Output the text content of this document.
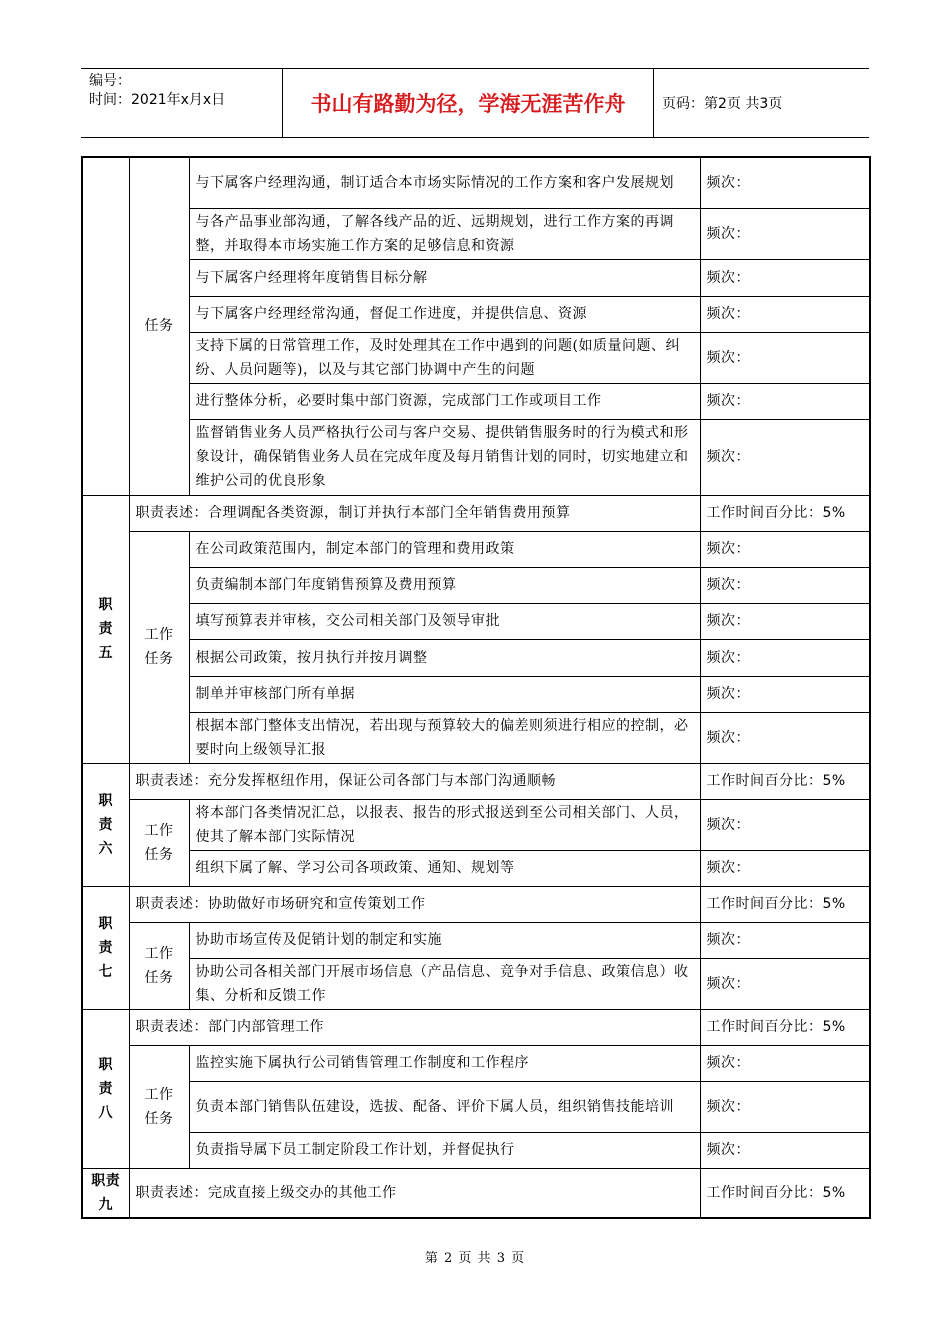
编号：
时间：2021年x月x日	书山有路勤为径，学海无涯苦作舟	页码：第2页 共3页
	任务	与下属客户经理沟通，制订适合本市场实际情况的工作方案和客户发展规划	频次：
		与各产品事业部沟通，了解各线产品的近、远期规划，进行工作方案的再调整，并取得本市场实施工作方案的足够信息和资源	频次：
		与下属客户经理将年度销售目标分解	频次：
		与下属客户经理经常沟通，督促工作进度，并提供信息、资源	频次：
		支持下属的日常管理工作，及时处理其在工作中遇到的问题(如质量问题、纠纷、人员问题等)，以及与其它部门协调中产生的问题	频次：
		进行整体分析，必要时集中部门资源，完成部门工作或项目工作	频次：
		监督销售业务人员严格执行公司与客户交易、提供销售服务时的行为模式和形象设计，确保销售业务人员在完成年度及每月销售计划的同时，切实地建立和维护公司的优良形象	频次：
职
责
五	职责表述：合理调配各类资源，制订并执行本部门全年销售费用预算		工作时间百分比：5%
	工作
任务	在公司政策范围内，制定本部门的管理和费用政策	频次：
		负责编制本部门年度销售预算及费用预算	频次：
		填写预算表并审核，交公司相关部门及领导审批	频次：
		根据公司政策，按月执行并按月调整	频次：
		制单并审核部门所有单据	频次：
		根据本部门整体支出情况，若出现与预算较大的偏差则须进行相应的控制，必要时向上级领导汇报	频次：
职
责
六	职责表述：充分发挥枢纽作用，保证公司各部门与本部门沟通顺畅		工作时间百分比：5%
	工作
任务	将本部门各类情况汇总，以报表、报告的形式报送到至公司相关部门、人员，使其了解本部门实际情况	频次：
		组织下属了解、学习公司各项政策、通知、规划等	频次：
职
责
七	职责表述：协助做好市场研究和宣传策划工作		工作时间百分比：5%
	工作
任务	协助市场宣传及促销计划的制定和实施	频次：
		协助公司各相关部门开展市场信息（产品信息、竞争对手信息、政策信息）收集、分析和反馈工作	频次：
职
责
八	职责表述：部门内部管理工作		工作时间百分比：5%
	工作
任务	监控实施下属执行公司销售管理工作制度和工作程序	频次：
		负责本部门销售队伍建设，选拔、配备、评价下属人员，组织销售技能培训	频次：
		负责指导属下员工制定阶段工作计划，并督促执行	频次：
职责
九	职责表述：完成直接上级交办的其他工作		工作时间百分比：5%
第 2 页 共 3 页
